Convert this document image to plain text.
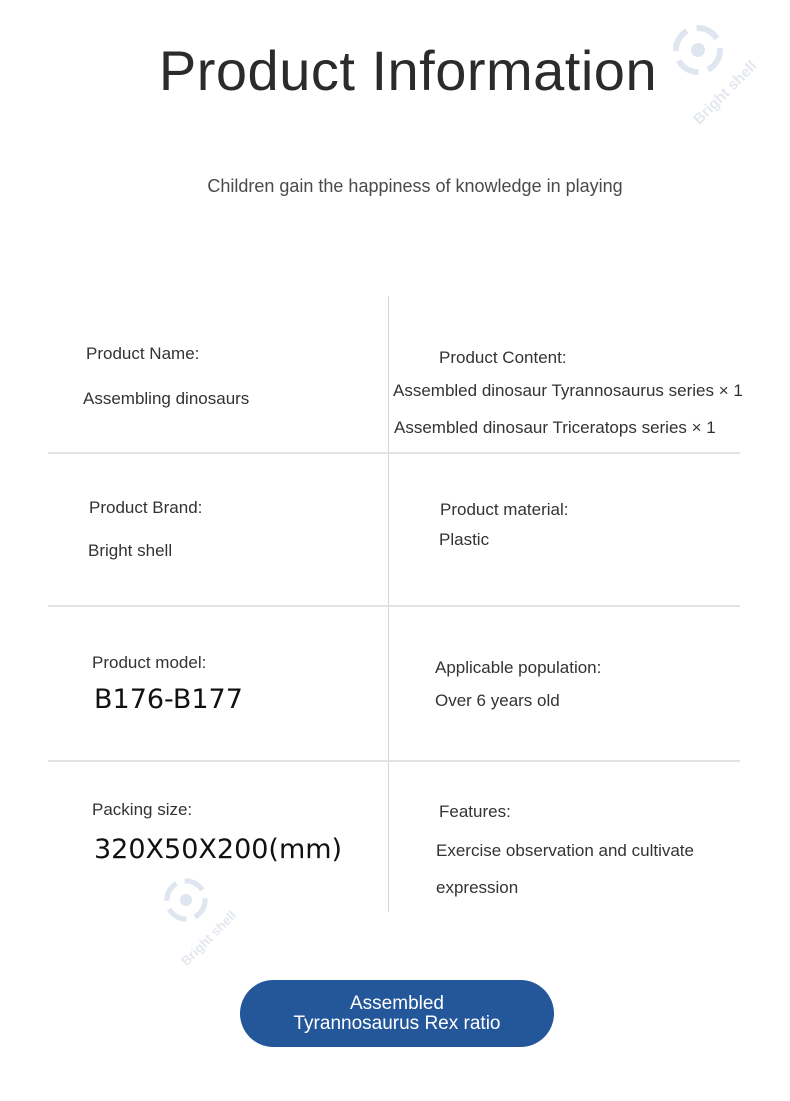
Product Information	Bright shell
Children gain the happiness of knowledge in playing
Product Name:
Assembling dinosaurs
Product Content:
Assembled dinosaur Tyrannosaurus series × 1
Assembled dinosaur Triceratops series × 1
Product Brand:
Bright shell
Product material:
Plastic
Product model:
B176-B177
Applicable population:
Over 6 years old
Packing size:
320X50X200(mm)
Features:
Exercise observation and cultivate
expression
Bright shell
Assembled
Tyrannosaurus Rex ratio
